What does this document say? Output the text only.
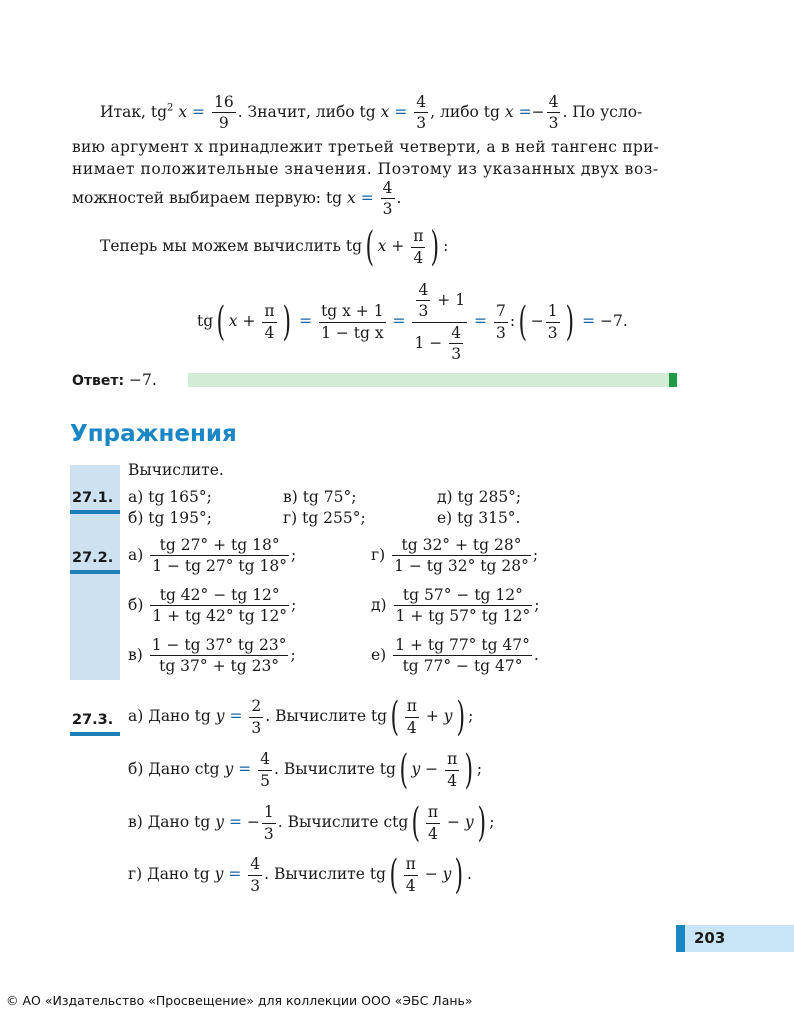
Итак, $tg^2$ $x = \frac{16}{9}$ . Значит, либо tg $x = \frac{4}{3}$ , либо tg $x =- \frac{4}{3}$ . По усло-
вию аргумент x принадлежит третьей четверти, а в ней тангенс при-
нимает положительные значения. Поэтому из указанных двух воз-
можностей выбираем первую: tg $x = \frac{4}{3}$ .
Теперь мы можем вычислить tg( $x + \frac{\pi}{4}$ ) :
tg( $x + \frac{\pi}{4}$ ) = $\frac{\text{tg x + 1}}{\text{1 − tg x}} = \frac{\frac{4}{3} + 1}{1 - \frac{4}{3}} = \frac{7}{3}$ :( − $\frac{1}{3}$ ) = −7.
Ответ: −7.
Упражнения
Вычислите.
27.1. а) tg 165°;	в) tg 75°;	д) tg 285°;
б) tg 195°;	г) tg 255°;	е) tg 315°.
27.2. $а) \frac{tg 27^\circ + tg 18^\circ}{1 - tg 27^\circ tg 18^\circ}$ ;	$г) \frac{tg 32^\circ + tg 28^\circ}{1 - tg 32^\circ tg 28^\circ}$ ;
$б) \frac{tg 42^\circ - tg 12^\circ}{1 + tg 42^\circ tg 12^\circ}$ ;	$д) \frac{tg 57^\circ - tg 12^\circ}{1 + tg 57^\circ tg 12^\circ}$ ;
$в) \frac{1 - tg 37^\circ tg 23^\circ}{tg 37^\circ + tg 23^\circ}$ ;	$е) \frac{1 + tg 77^\circ tg 47^\circ}{tg 77^\circ - tg 47^\circ}$ .
27.3. а) Дано tg $y = \frac{2}{3}$ . Вычислите $tg( \frac{\pi}{4} + y)$ ;
б) Дано ctg $y = \frac{4}{5}$ . Вычислите tg( $y - \frac{\pi}{4}$ ) ;
в) Дано tg y = − $\frac{1}{3}$ . Вычислите $ctg( \frac{\pi}{4} - y)$ ;
г) Дано tg $y = \frac{4}{3}$ . Вычислите $tg( \frac{\pi}{4} - y)$ .
203
© АО «Издательство «Просвещение» для коллекции ООО «ЭБС Лань»
